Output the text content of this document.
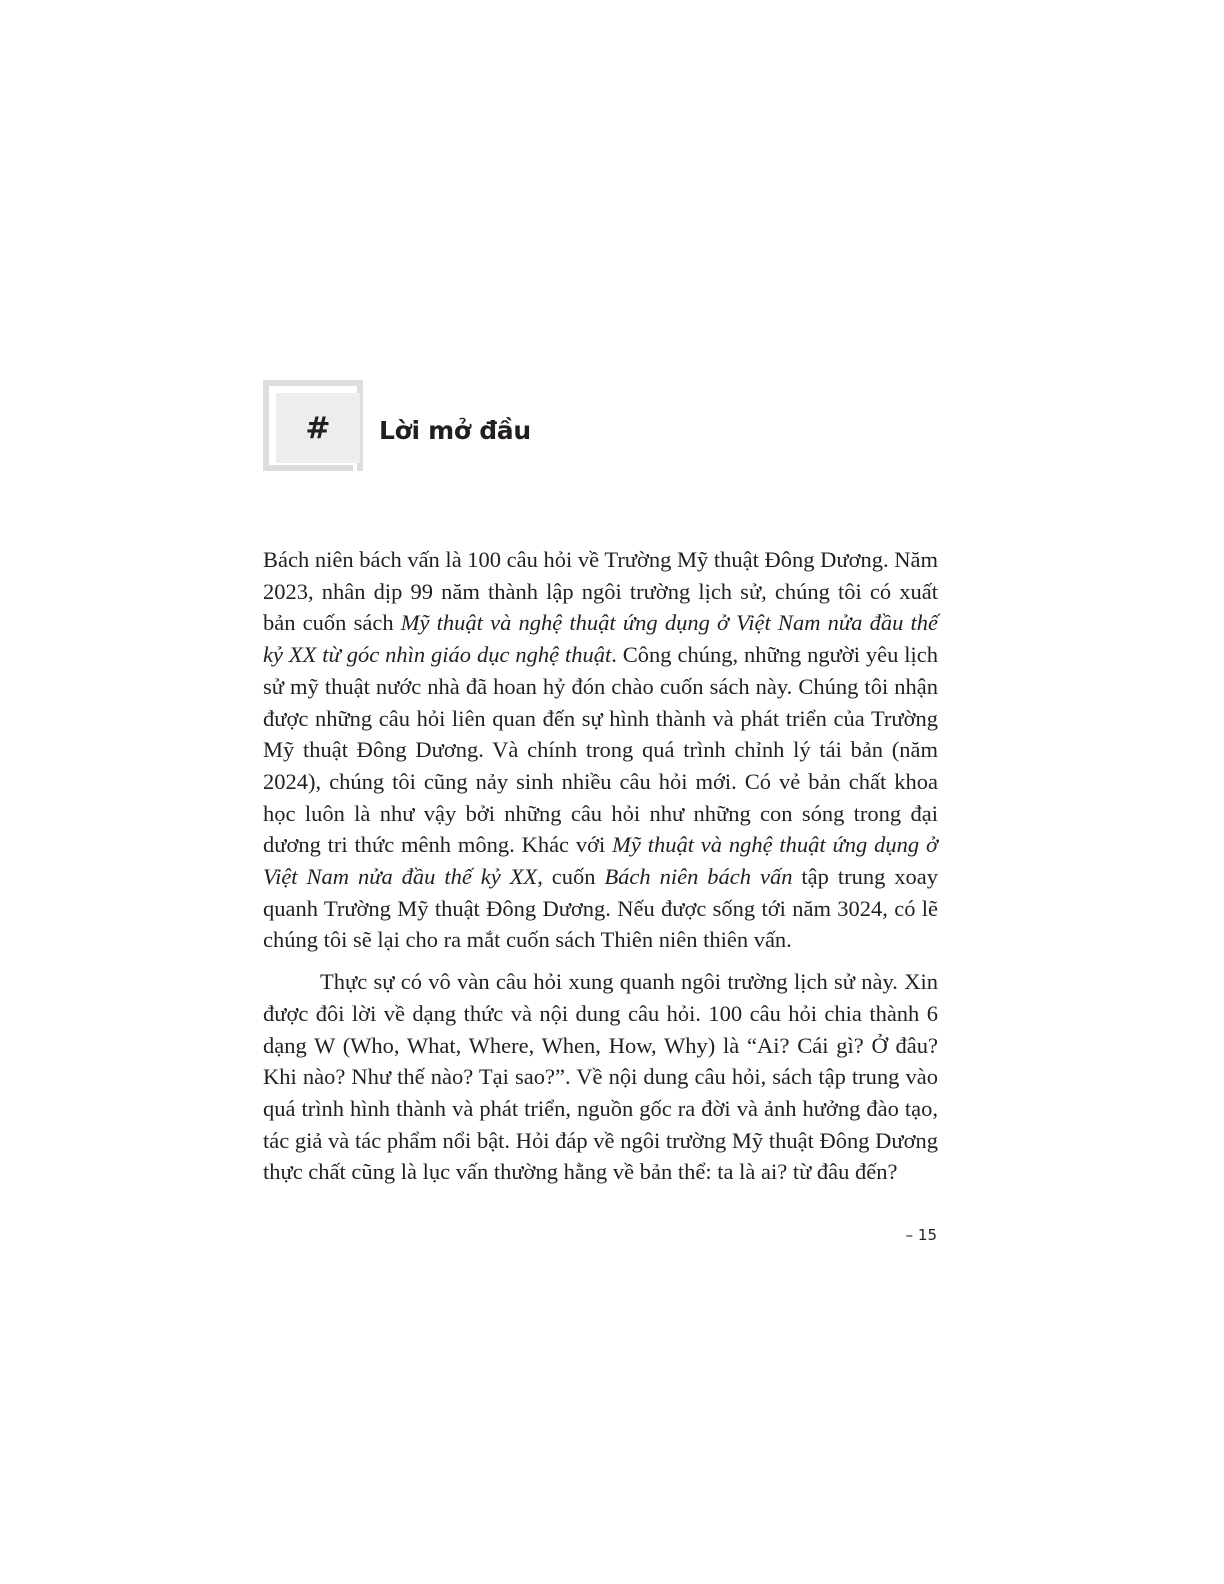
#	Lời mở đầu

Bách niên bách vấn là 100 câu hỏi về Trường Mỹ thuật Đông Dương. Năm 2023, nhân dịp 99 năm thành lập ngôi trường lịch sử, chúng tôi có xuất bản cuốn sách Mỹ thuật và nghệ thuật ứng dụng ở Việt Nam nửa đầu thế kỷ XX từ góc nhìn giáo dục nghệ thuật. Công chúng, những người yêu lịch sử mỹ thuật nước nhà đã hoan hỷ đón chào cuốn sách này. Chúng tôi nhận được những câu hỏi liên quan đến sự hình thành và phát triển của Trường Mỹ thuật Đông Dương. Và chính trong quá trình chỉnh lý tái bản (năm 2024), chúng tôi cũng nảy sinh nhiều câu hỏi mới. Có vẻ bản chất khoa học luôn là như vậy bởi những câu hỏi như những con sóng trong đại dương tri thức mênh mông. Khác với Mỹ thuật và nghệ thuật ứng dụng ở Việt Nam nửa đầu thế kỷ XX, cuốn Bách niên bách vấn tập trung xoay quanh Trường Mỹ thuật Đông Dương. Nếu được sống tới năm 3024, có lẽ chúng tôi sẽ lại cho ra mắt cuốn sách Thiên niên thiên vấn.

Thực sự có vô vàn câu hỏi xung quanh ngôi trường lịch sử này. Xin được đôi lời về dạng thức và nội dung câu hỏi. 100 câu hỏi chia thành 6 dạng W (Who, What, Where, When, How, Why) là “Ai? Cái gì? Ở đâu? Khi nào? Như thế nào? Tại sao?”. Về nội dung câu hỏi, sách tập trung vào quá trình hình thành và phát triển, nguồn gốc ra đời và ảnh hưởng đào tạo, tác giả và tác phẩm nổi bật. Hỏi đáp về ngôi trường Mỹ thuật Đông Dương thực chất cũng là lục vấn thường hằng về bản thể: ta là ai? từ đâu đến?

– 15
